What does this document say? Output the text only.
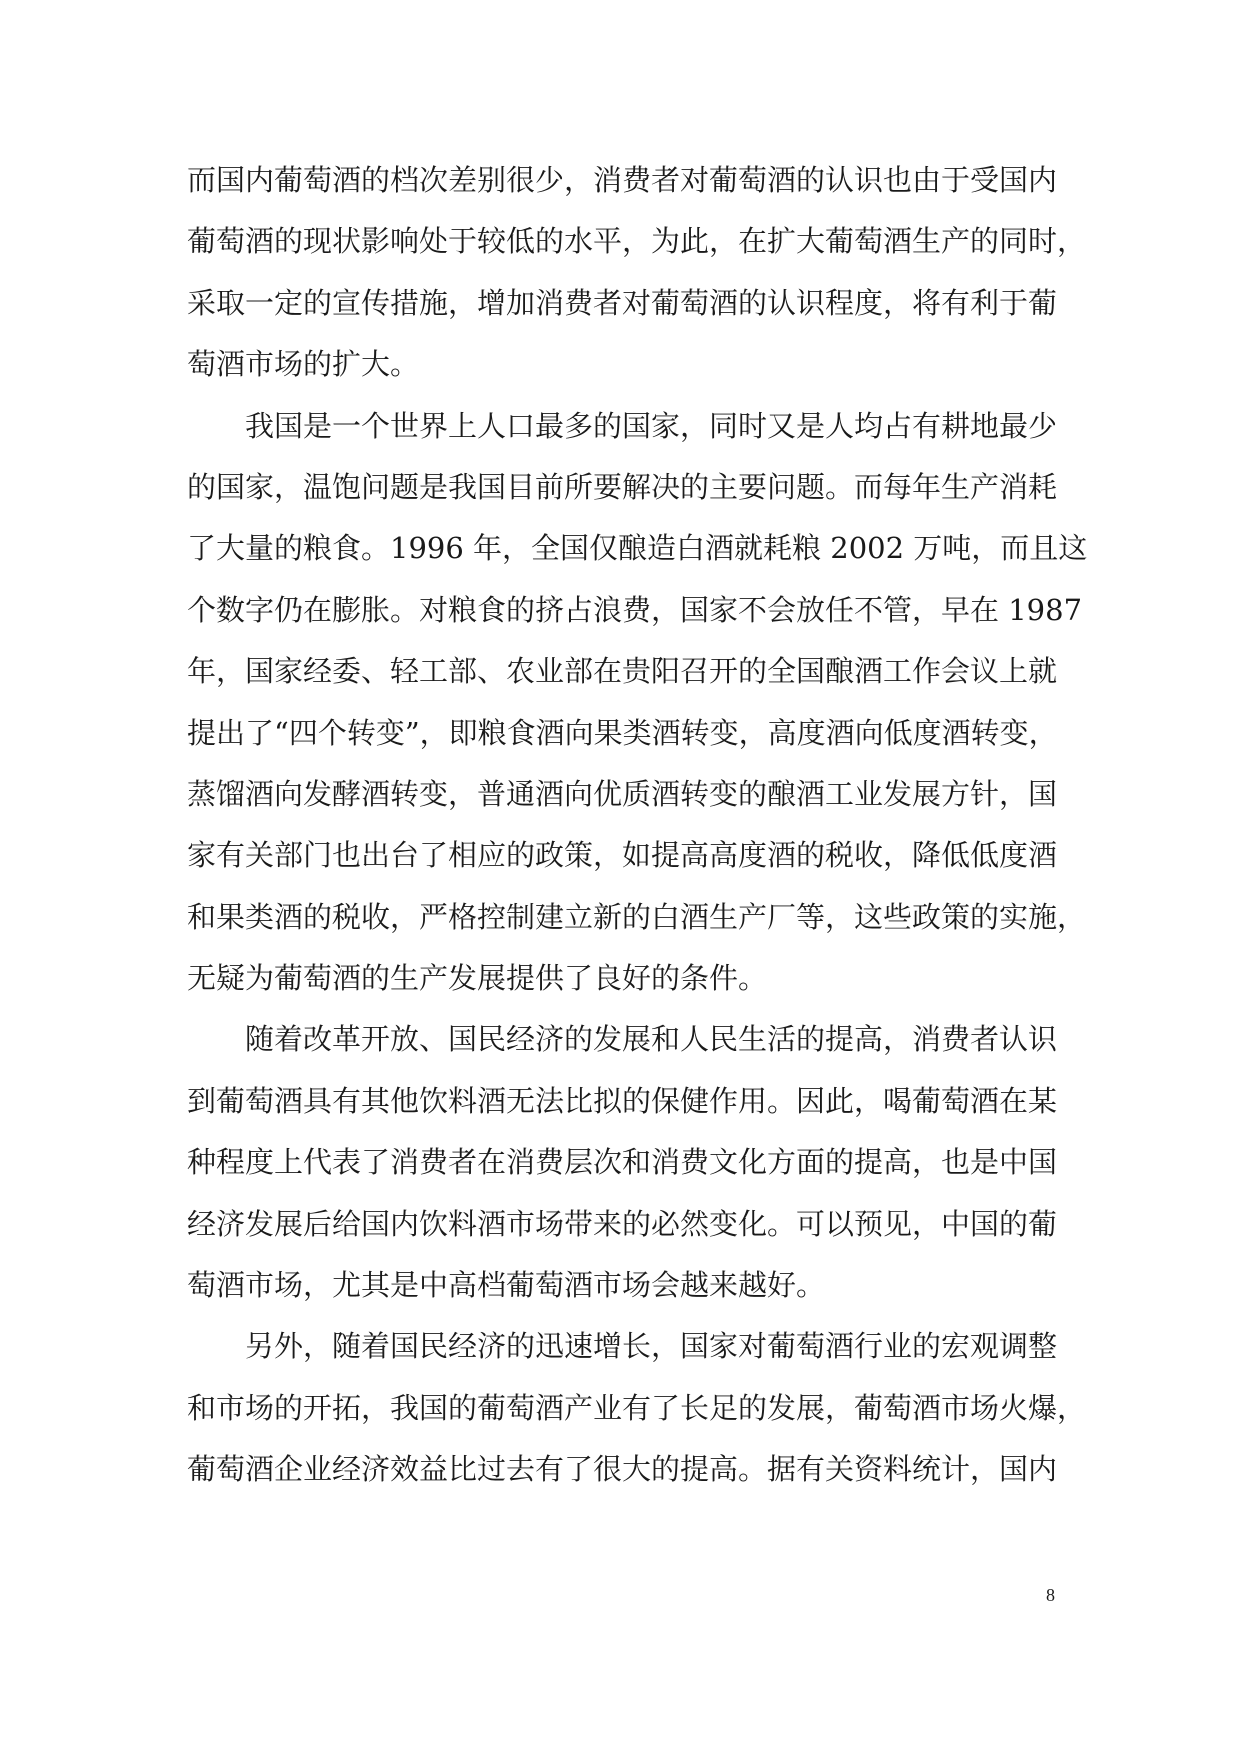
而国内葡萄酒的档次差别很少，消费者对葡萄酒的认识也由于受国内
葡萄酒的现状影响处于较低的水平，为此，在扩大葡萄酒生产的同时，
采取一定的宣传措施，增加消费者对葡萄酒的认识程度，将有利于葡
萄酒市场的扩大。
我国是一个世界上人口最多的国家，同时又是人均占有耕地最少
的国家，温饱问题是我国目前所要解决的主要问题。而每年生产消耗
了大量的粮食。1996 年，全国仅酿造白酒就耗粮 2002 万吨，而且这
个数字仍在膨胀。对粮食的挤占浪费，国家不会放任不管，早在 1987
年，国家经委、轻工部、农业部在贵阳召开的全国酿酒工作会议上就
提出了“四个转变”，即粮食酒向果类酒转变，高度酒向低度酒转变，
蒸馏酒向发酵酒转变，普通酒向优质酒转变的酿酒工业发展方针，国
家有关部门也出台了相应的政策，如提高高度酒的税收，降低低度酒
和果类酒的税收，严格控制建立新的白酒生产厂等，这些政策的实施，
无疑为葡萄酒的生产发展提供了良好的条件。
随着改革开放、国民经济的发展和人民生活的提高，消费者认识
到葡萄酒具有其他饮料酒无法比拟的保健作用。因此，喝葡萄酒在某
种程度上代表了消费者在消费层次和消费文化方面的提高，也是中国
经济发展后给国内饮料酒市场带来的必然变化。可以预见，中国的葡
萄酒市场，尤其是中高档葡萄酒市场会越来越好。
另外，随着国民经济的迅速增长，国家对葡萄酒行业的宏观调整
和市场的开拓，我国的葡萄酒产业有了长足的发展，葡萄酒市场火爆，
葡萄酒企业经济效益比过去有了很大的提高。据有关资料统计，国内
8
